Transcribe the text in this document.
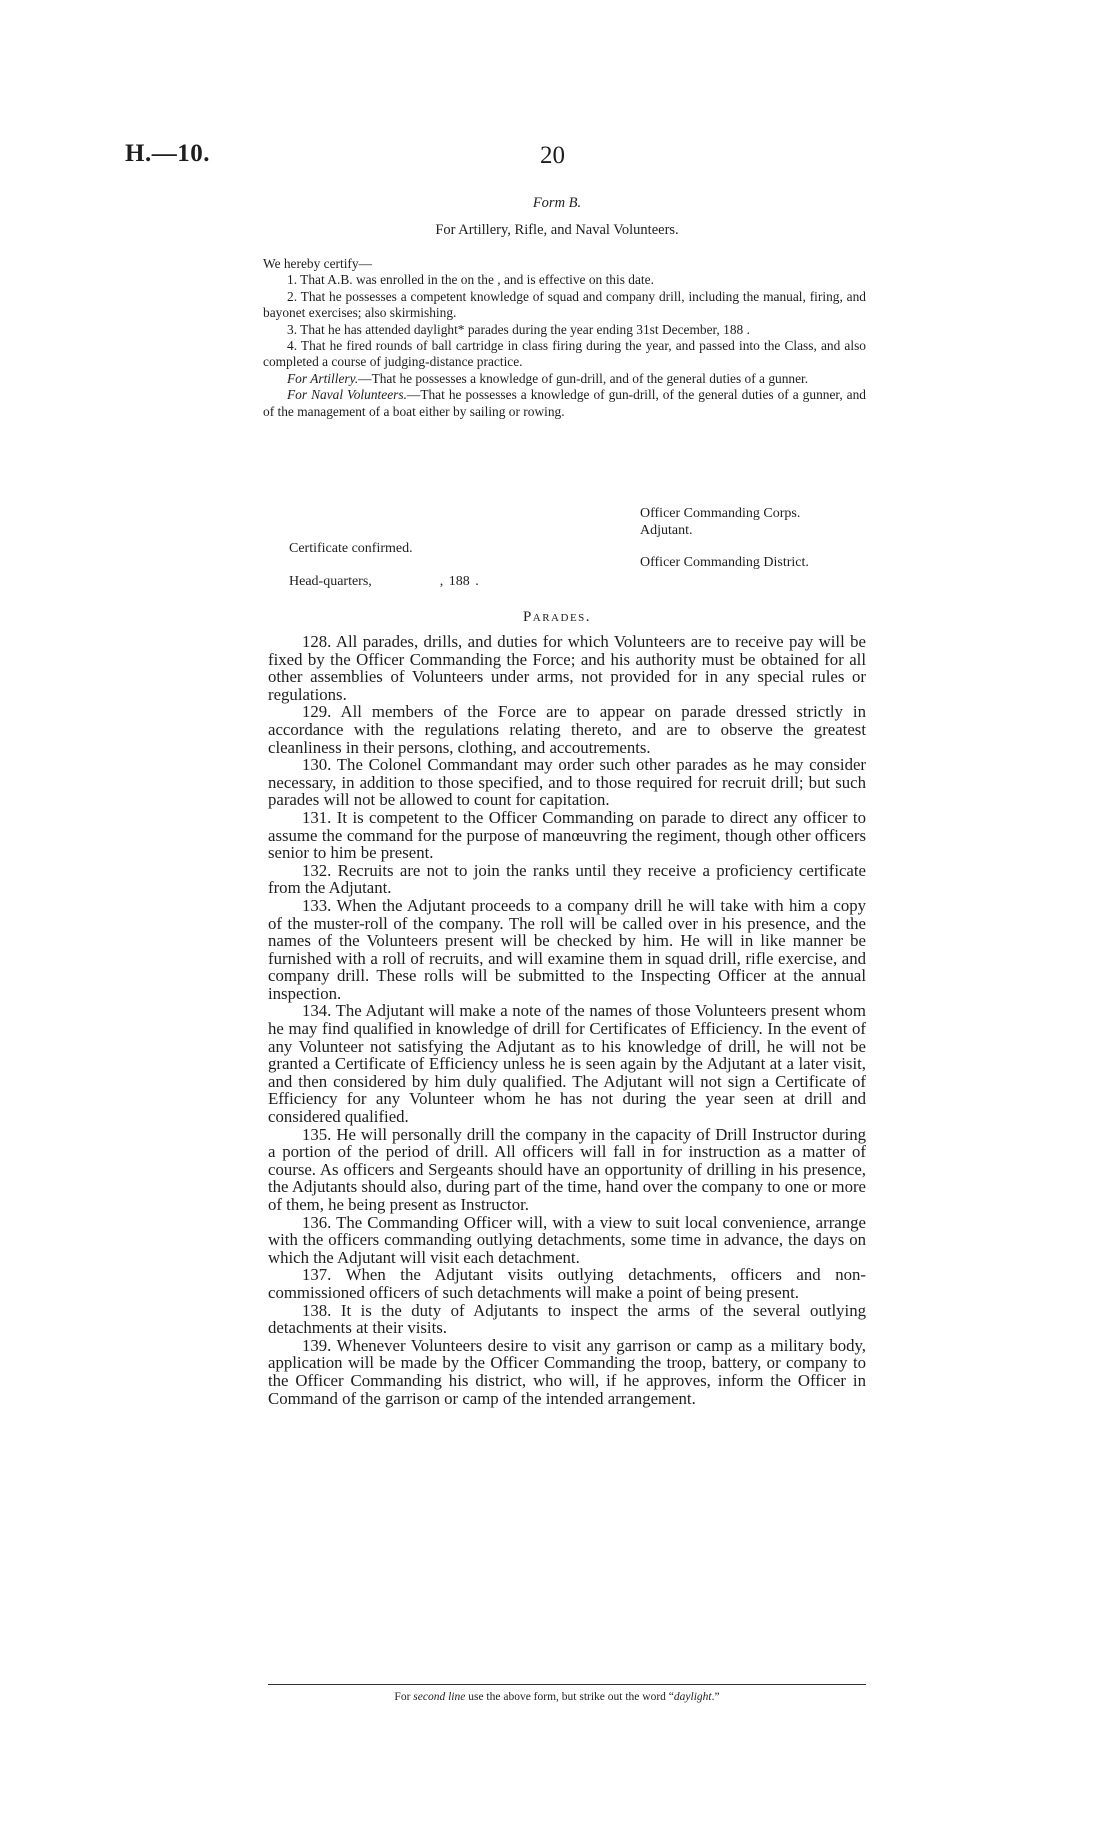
H.—10.	20
Form B.
For Artillery, Rifle, and Naval Volunteers.

We hereby certify—

1. That A.B. was enrolled in the on the , and is effective on this date.

2. That he possesses a competent knowledge of squad and company drill, including the manual, firing, and bayonet exercises; also skirmishing.

3. That he has attended daylight* parades during the year ending 31st December, 188 .

4. That he fired rounds of ball cartridge in class firing during the year, and passed into the Class, and also completed a course of judging-distance practice.

For Artillery.—That he possesses a knowledge of gun-drill, and of the general duties of a gunner.

For Naval Volunteers.—That he possesses a knowledge of gun-drill, of the general duties of a gunner, and of the management of a boat either by sailing or rowing.

Officer Commanding Corps.
Adjutant.
Certificate confirmed.
Officer Commanding District.
Head-quarters,	, 188 .
Parades.

128. All parades, drills, and duties for which Volunteers are to receive pay will be fixed by the Officer Commanding the Force; and his authority must be obtained for all other assemblies of Volunteers under arms, not provided for in any special rules or regulations.

129. All members of the Force are to appear on parade dressed strictly in accordance with the regulations relating thereto, and are to observe the greatest cleanliness in their persons, clothing, and accoutrements.

130. The Colonel Commandant may order such other parades as he may consider necessary, in addition to those specified, and to those required for recruit drill; but such parades will not be allowed to count for capitation.

131. It is competent to the Officer Commanding on parade to direct any officer to assume the command for the purpose of manœuvring the regiment, though other officers senior to him be present.

132. Recruits are not to join the ranks until they receive a proficiency certificate from the Adjutant.

133. When the Adjutant proceeds to a company drill he will take with him a copy of the muster-roll of the company. The roll will be called over in his presence, and the names of the Volunteers present will be checked by him. He will in like manner be furnished with a roll of recruits, and will examine them in squad drill, rifle exercise, and company drill. These rolls will be submitted to the Inspecting Officer at the annual inspection.

134. The Adjutant will make a note of the names of those Volunteers present whom he may find qualified in knowledge of drill for Certificates of Efficiency. In the event of any Volunteer not satisfying the Adjutant as to his knowledge of drill, he will not be granted a Certificate of Efficiency unless he is seen again by the Adjutant at a later visit, and then considered by him duly qualified. The Adjutant will not sign a Certificate of Efficiency for any Volunteer whom he has not during the year seen at drill and considered qualified.

135. He will personally drill the company in the capacity of Drill Instructor during a portion of the period of drill. All officers will fall in for instruction as a matter of course. As officers and Sergeants should have an opportunity of drilling in his presence, the Adjutants should also, during part of the time, hand over the company to one or more of them, he being present as Instructor.

136. The Commanding Officer will, with a view to suit local convenience, arrange with the officers commanding outlying detachments, some time in advance, the days on which the Adjutant will visit each detachment.

137. When the Adjutant visits outlying detachments, officers and non-commissioned officers of such detachments will make a point of being present.

138. It is the duty of Adjutants to inspect the arms of the several outlying detachments at their visits.

139. Whenever Volunteers desire to visit any garrison or camp as a military body, application will be made by the Officer Commanding the troop, battery, or company to the Officer Commanding his district, who will, if he approves, inform the Officer in Command of the garrison or camp of the intended arrangement.

For second line use the above form, but strike out the word “daylight.”
